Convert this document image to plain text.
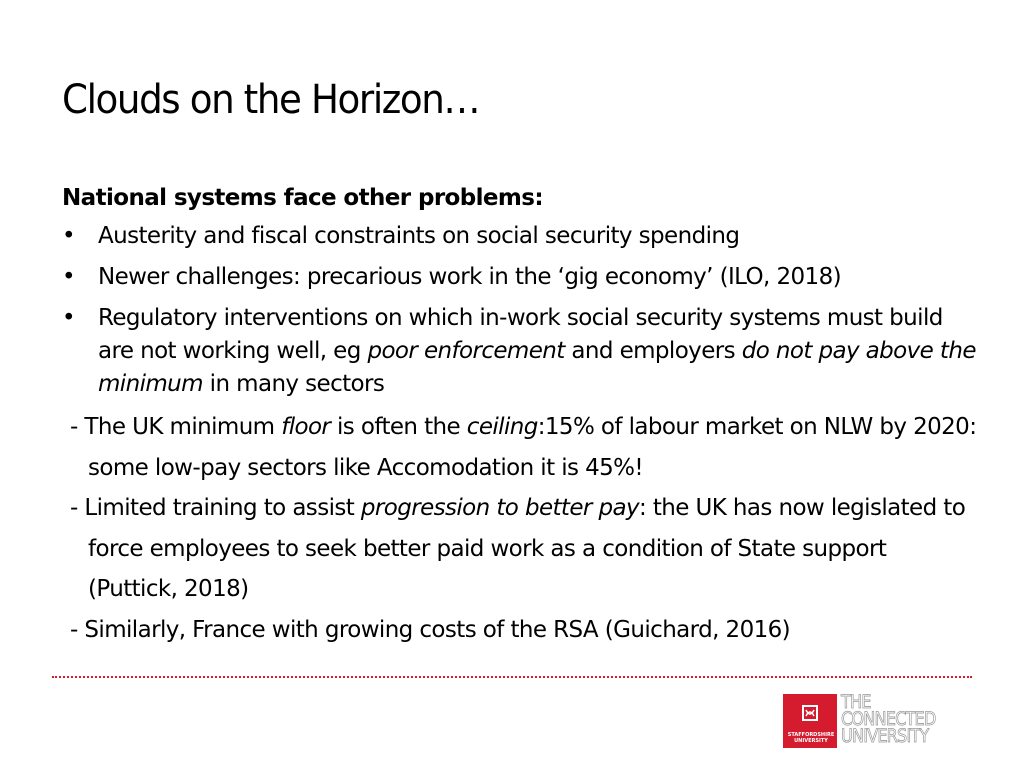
Clouds on the Horizon…
National systems face other problems:
• Austerity and fiscal constraints on social security spending
• Newer challenges: precarious work in the ‘gig economy’ (ILO, 2018)
• Regulatory interventions on which in-work social security systems must build are not working well, eg poor enforcement and employers do not pay above the minimum in many sectors
- The UK minimum floor is often the ceiling:15% of labour market on NLW by 2020: some low-pay sectors like Accomodation it is 45%!
- Limited training to assist progression to better pay: the UK has now legislated to force employees to seek better paid work as a condition of State support (Puttick, 2018)
- Similarly, France with growing costs of the RSA (Guichard, 2016)
STAFFORDSHIRE
UNIVERSITY
THE
CONNECTED
UNIVERSITY
